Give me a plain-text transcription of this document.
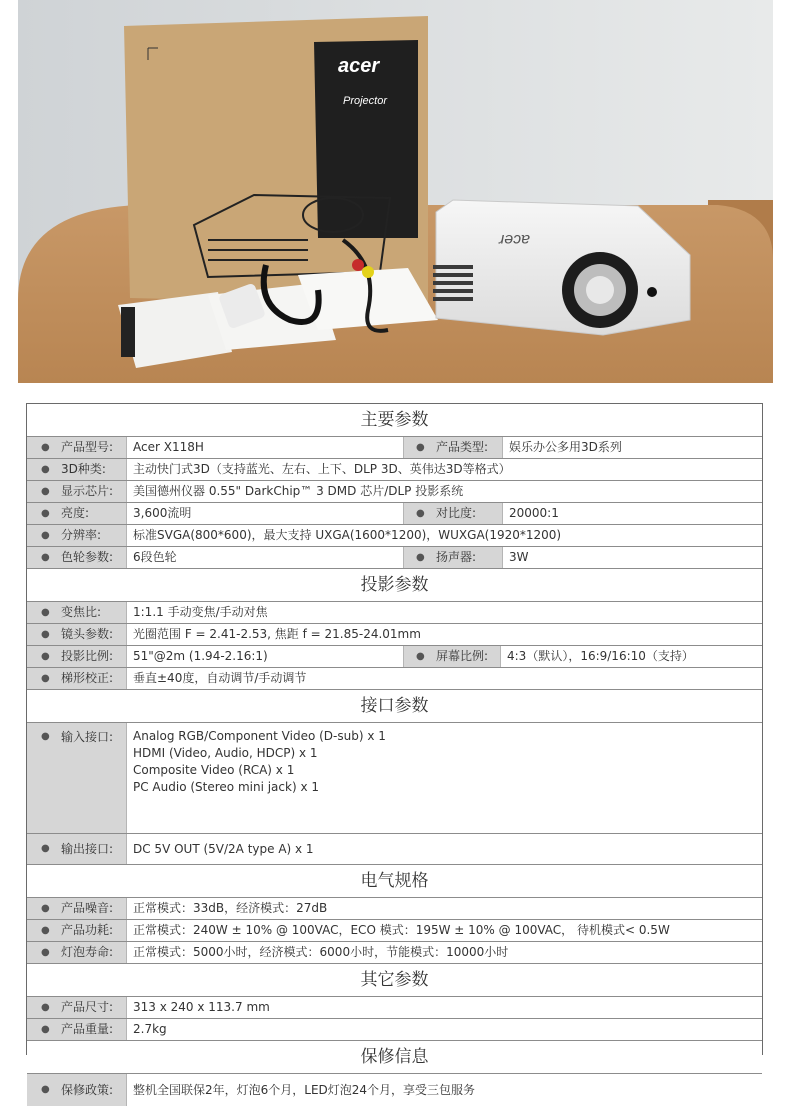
acer
Projector
acer
主要参数
● 产品型号:	Acer X118H	● 产品类型:	娱乐办公多用3D系列
● 3D种类:	主动快门式3D（支持蓝光、左右、上下、DLP 3D、英伟达3D等格式）
● 显示芯片:	美国德州仪器 0.55" DarkChip™ 3 DMD 芯片/DLP 投影系统
● 亮度:	3,600流明	● 对比度:	20000:1
● 分辨率:	标准SVGA(800*600)，最大支持 UXGA(1600*1200)，WUXGA(1920*1200)
● 色轮参数:	6段色轮	● 扬声器:	3W
投影参数
● 变焦比:	1:1.1 手动变焦/手动对焦
● 镜头参数:	光圈范围 F = 2.41-2.53, 焦距 f = 21.85-24.01mm
● 投影比例:	51"@2m (1.94-2.16:1)	● 屏幕比例:	4:3（默认），16:9/16:10（支持）
● 梯形校正:	垂直±40度，自动调节/手动调节
接口参数
● 输入接口: Analog RGB/Component Video (D-sub) x 1
HDMI (Video, Audio, HDCP) x 1
Composite Video (RCA) x 1
PC Audio (Stereo mini jack) x 1
● 输出接口:	DC 5V OUT (5V/2A type A) x 1
电气规格
● 产品噪音:	正常模式：33dB，经济模式：27dB
● 产品功耗:	正常模式：240W ± 10% @ 100VAC，ECO 模式：195W ± 10% @ 100VAC， 待机模式< 0.5W
● 灯泡寿命:	正常模式：5000小时，经济模式：6000小时，节能模式：10000小时
其它参数
● 产品尺寸:	313 x 240 x 113.7 mm
● 产品重量:	2.7kg
保修信息
● 保修政策:	整机全国联保2年，灯泡6个月，LED灯泡24个月，享受三包服务
